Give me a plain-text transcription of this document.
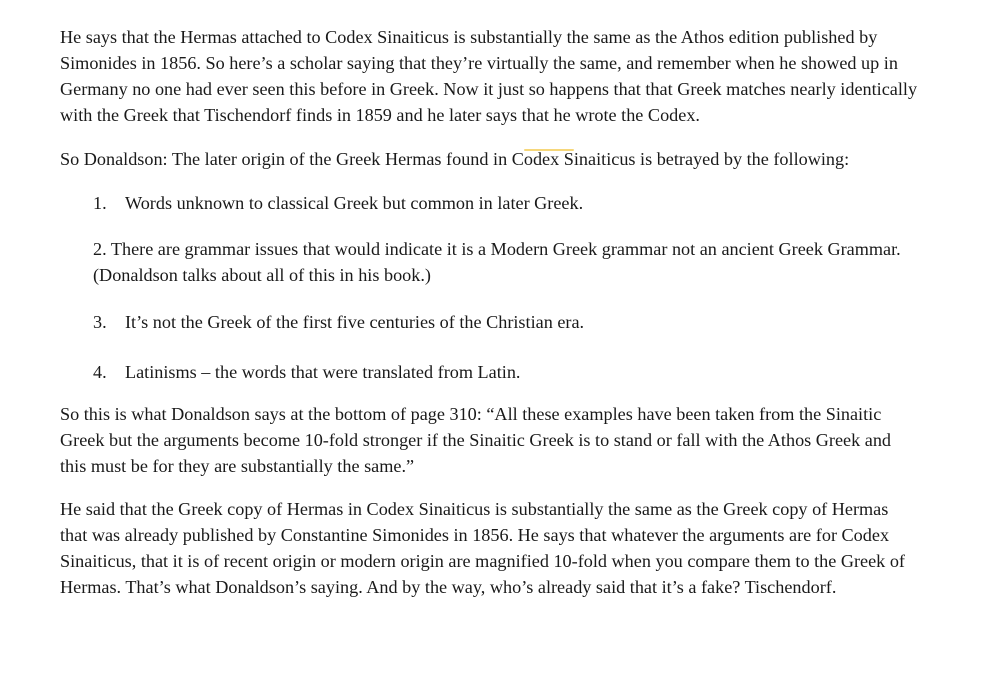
He says that the Hermas attached to Codex Sinaiticus is substantially the same as the Athos edition published by Simonides in 1856. So here’s a scholar saying that they’re virtually the same, and remember when he showed up in Germany no one had ever seen this before in Greek. Now it just so happens that that Greek matches nearly identically with the Greek that Tischendorf finds in 1859 and he later says that he wrote the Codex.

So Donaldson: The later origin of the Greek Hermas found in Codex Sinaiticus is betrayed by the following:

1. Words unknown to classical Greek but common in later Greek.

2. There are grammar issues that would indicate it is a Modern Greek grammar not an ancient Greek Grammar. (Donaldson talks about all of this in his book.)

3. It’s not the Greek of the first five centuries of the Christian era.

4. Latinisms – the words that were translated from Latin.

So this is what Donaldson says at the bottom of page 310: “All these examples have been taken from the Sinaitic Greek but the arguments become 10-fold stronger if the Sinaitic Greek is to stand or fall with the Athos Greek and this must be for they are substantially the same.”

He said that the Greek copy of Hermas in Codex Sinaiticus is substantially the same as the Greek copy of Hermas that was already published by Constantine Simonides in 1856. He says that whatever the arguments are for Codex Sinaiticus, that it is of recent origin or modern origin are magnified 10-fold when you compare them to the Greek of Hermas. That’s what Donaldson’s saying. And by the way, who’s already said that it’s a fake? Tischendorf.
